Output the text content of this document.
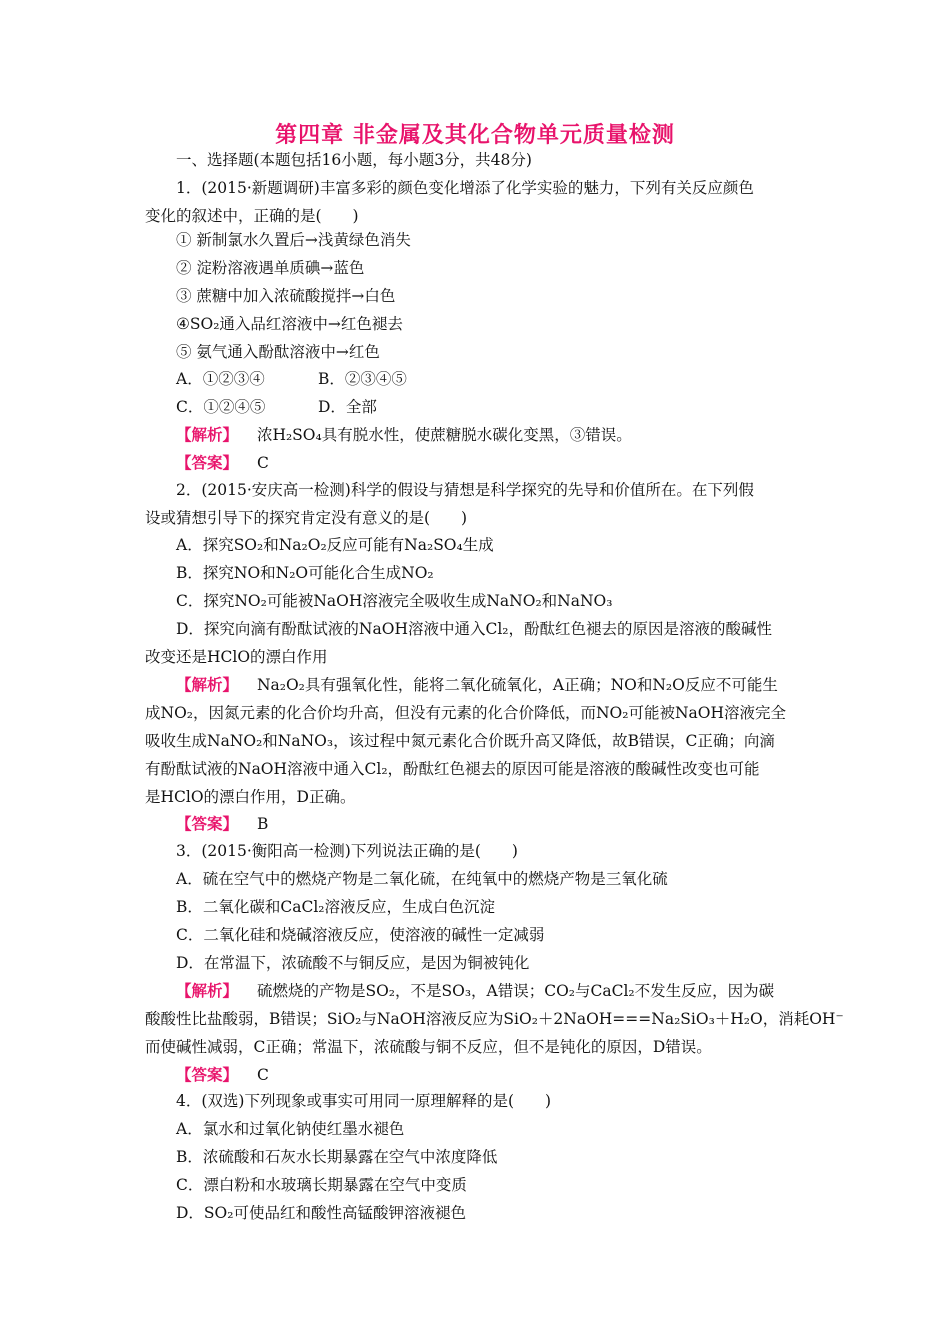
第四章 非金属及其化合物单元质量检测
一、选择题(本题包括16小题，每小题3分，共48分)
1．(2015·新题调研)丰富多彩的颜色变化增添了化学实验的魅力，下列有关反应颜色
变化的叙述中，正确的是(　　)
① 新制氯水久置后→浅黄绿色消失
② 淀粉溶液遇单质碘→蓝色
③ 蔗糖中加入浓硫酸搅拌→白色
④SO₂通入品红溶液中→红色褪去
⑤ 氨气通入酚酞溶液中→红色
A．①②③④	B．②③④⑤
C．①②④⑤	D．全部
【解析】 浓H₂SO₄具有脱水性，使蔗糖脱水碳化变黑，③错误。
【答案】 C
2．(2015·安庆高一检测)科学的假设与猜想是科学探究的先导和价值所在。在下列假
设或猜想引导下的探究肯定没有意义的是(　　)
A．探究SO₂和Na₂O₂反应可能有Na₂SO₄生成
B．探究NO和N₂O可能化合生成NO₂
C．探究NO₂可能被NaOH溶液完全吸收生成NaNO₂和NaNO₃
D．探究向滴有酚酞试液的NaOH溶液中通入Cl₂，酚酞红色褪去的原因是溶液的酸碱性
改变还是HClO的漂白作用
【解析】 Na₂O₂具有强氧化性，能将二氧化硫氧化，A正确；NO和N₂O反应不可能生
成NO₂，因氮元素的化合价均升高，但没有元素的化合价降低，而NO₂可能被NaOH溶液完全
吸收生成NaNO₂和NaNO₃，该过程中氮元素化合价既升高又降低，故B错误，C正确；向滴
有酚酞试液的NaOH溶液中通入Cl₂，酚酞红色褪去的原因可能是溶液的酸碱性改变也可能
是HClO的漂白作用，D正确。
【答案】 B
3．(2015·衡阳高一检测)下列说法正确的是(　　)
A．硫在空气中的燃烧产物是二氧化硫，在纯氧中的燃烧产物是三氧化硫
B．二氧化碳和CaCl₂溶液反应，生成白色沉淀
C．二氧化硅和烧碱溶液反应，使溶液的碱性一定减弱
D．在常温下，浓硫酸不与铜反应，是因为铜被钝化
【解析】 硫燃烧的产物是SO₂，不是SO₃，A错误；CO₂与CaCl₂不发生反应，因为碳
酸酸性比盐酸弱，B错误；SiO₂与NaOH溶液反应为SiO₂＋2NaOH===Na₂SiO₃＋H₂O，消耗OH⁻
而使碱性减弱，C正确；常温下，浓硫酸与铜不反应，但不是钝化的原因，D错误。
【答案】 C
4．(双选)下列现象或事实可用同一原理解释的是(　　)
A．氯水和过氧化钠使红墨水褪色
B．浓硫酸和石灰水长期暴露在空气中浓度降低
C．漂白粉和水玻璃长期暴露在空气中变质
D．SO₂可使品红和酸性高锰酸钾溶液褪色
